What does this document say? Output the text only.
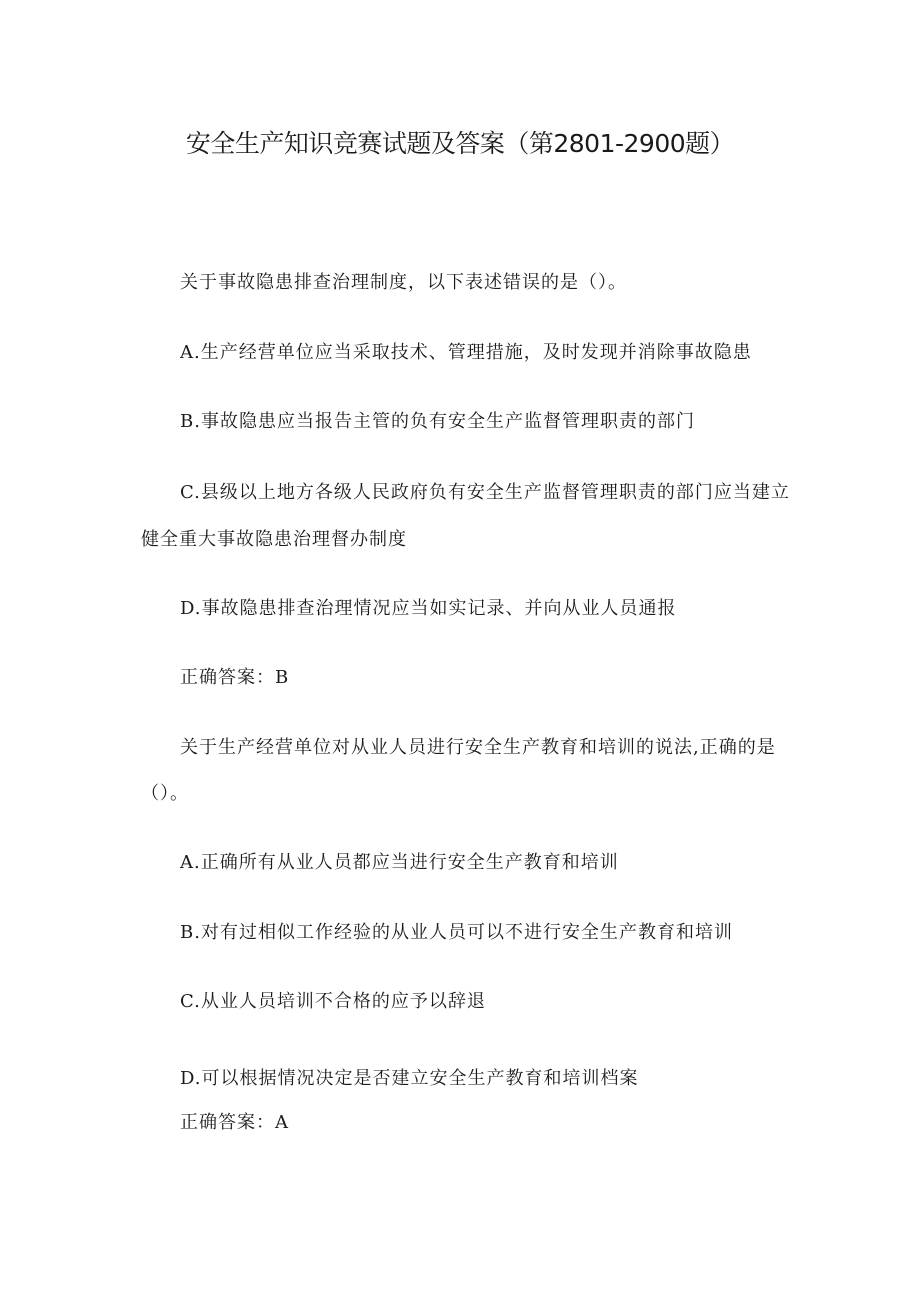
安全生产知识竞赛试题及答案（第2801-2900题）

关于事故隐患排查治理制度，以下表述错误的是（）。

A.生产经营单位应当采取技术、管理措施，及时发现并消除事故隐患

B.事故隐患应当报告主管的负有安全生产监督管理职责的部门

C.县级以上地方各级人民政府负有安全生产监督管理职责的部门应当建立

健全重大事故隐患治理督办制度

D.事故隐患排查治理情况应当如实记录、并向从业人员通报

正确答案：B

关于生产经营单位对从业人员进行安全生产教育和培训的说法,正确的是

（）。

A.正确所有从业人员都应当进行安全生产教育和培训

B.对有过相似工作经验的从业人员可以不进行安全生产教育和培训

C.从业人员培训不合格的应予以辞退

D.可以根据情况决定是否建立安全生产教育和培训档案

正确答案：A
